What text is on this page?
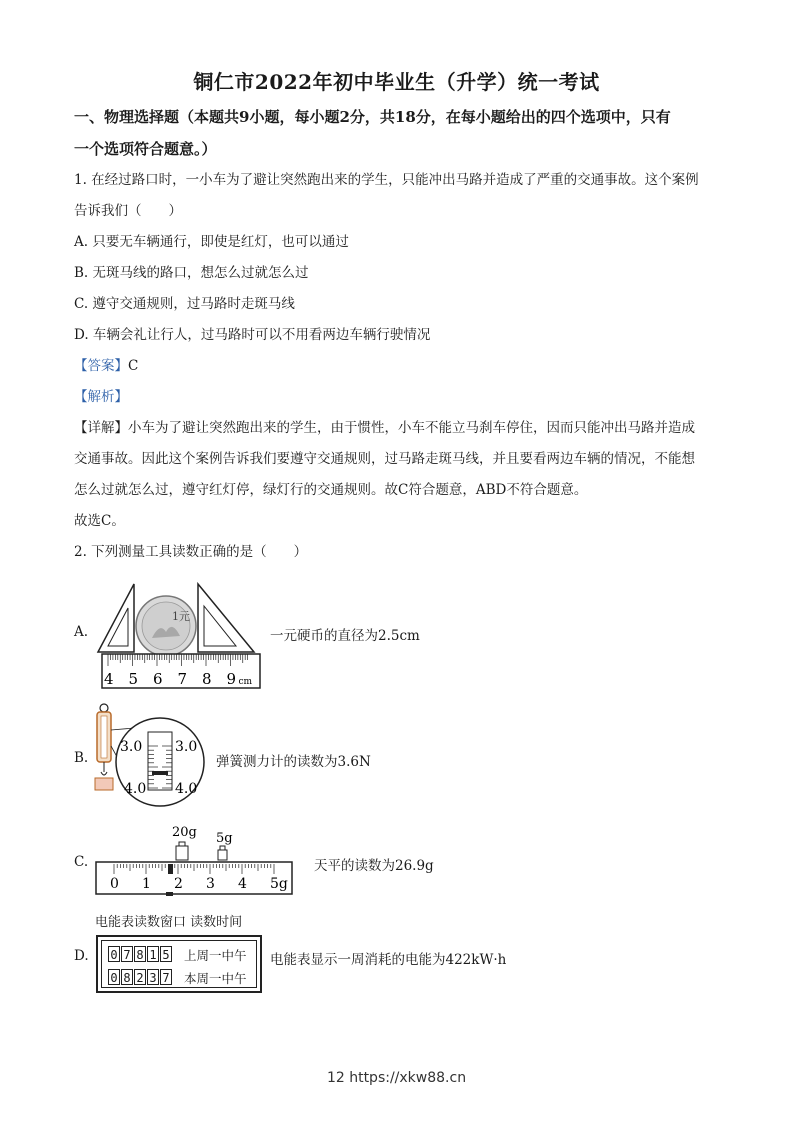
铜仁市2022年初中毕业生（升学）统一考试
一、物理选择题（本题共9小题，每小题2分，共18分，在每小题给出的四个选项中，只有
一个选项符合题意。）
1. 在经过路口时，一小车为了避让突然跑出来的学生，只能冲出马路并造成了严重的交通事故。这个案例
告诉我们（　　）
A. 只要无车辆通行，即使是红灯，也可以通过
B. 无斑马线的路口，想怎么过就怎么过
C. 遵守交通规则，过马路时走斑马线
D. 车辆会礼让行人，过马路时可以不用看两边车辆行驶情况
【答案】C
【解析】
【详解】小车为了避让突然跑出来的学生，由于惯性，小车不能立马刹车停住，因而只能冲出马路并造成
交通事故。因此这个案例告诉我们要遵守交通规则，过马路走斑马线，并且要看两边车辆的情况，不能想
怎么过就怎么过，遵守红灯停，绿灯行的交通规则。故C符合题意，ABD不符合题意。
故选C。
2. 下列测量工具读数正确的是（　　）
A.
1元
4 5 6 7 8 9 cm
一元硬币的直径为2.5cm
B.
3.0 3.0
4.0 4.0
弹簧测力计的读数为3.6N
C.
20g 5g
0 1 2 3 4 5g
天平的读数为26.9g
电能表读数窗口 读数时间
D. 0 7 8 1 5 上周一中午
0 8 2 3 7 本周一中午
电能表显示一周消耗的电能为422kW·h
12 https://xkw88.cn
